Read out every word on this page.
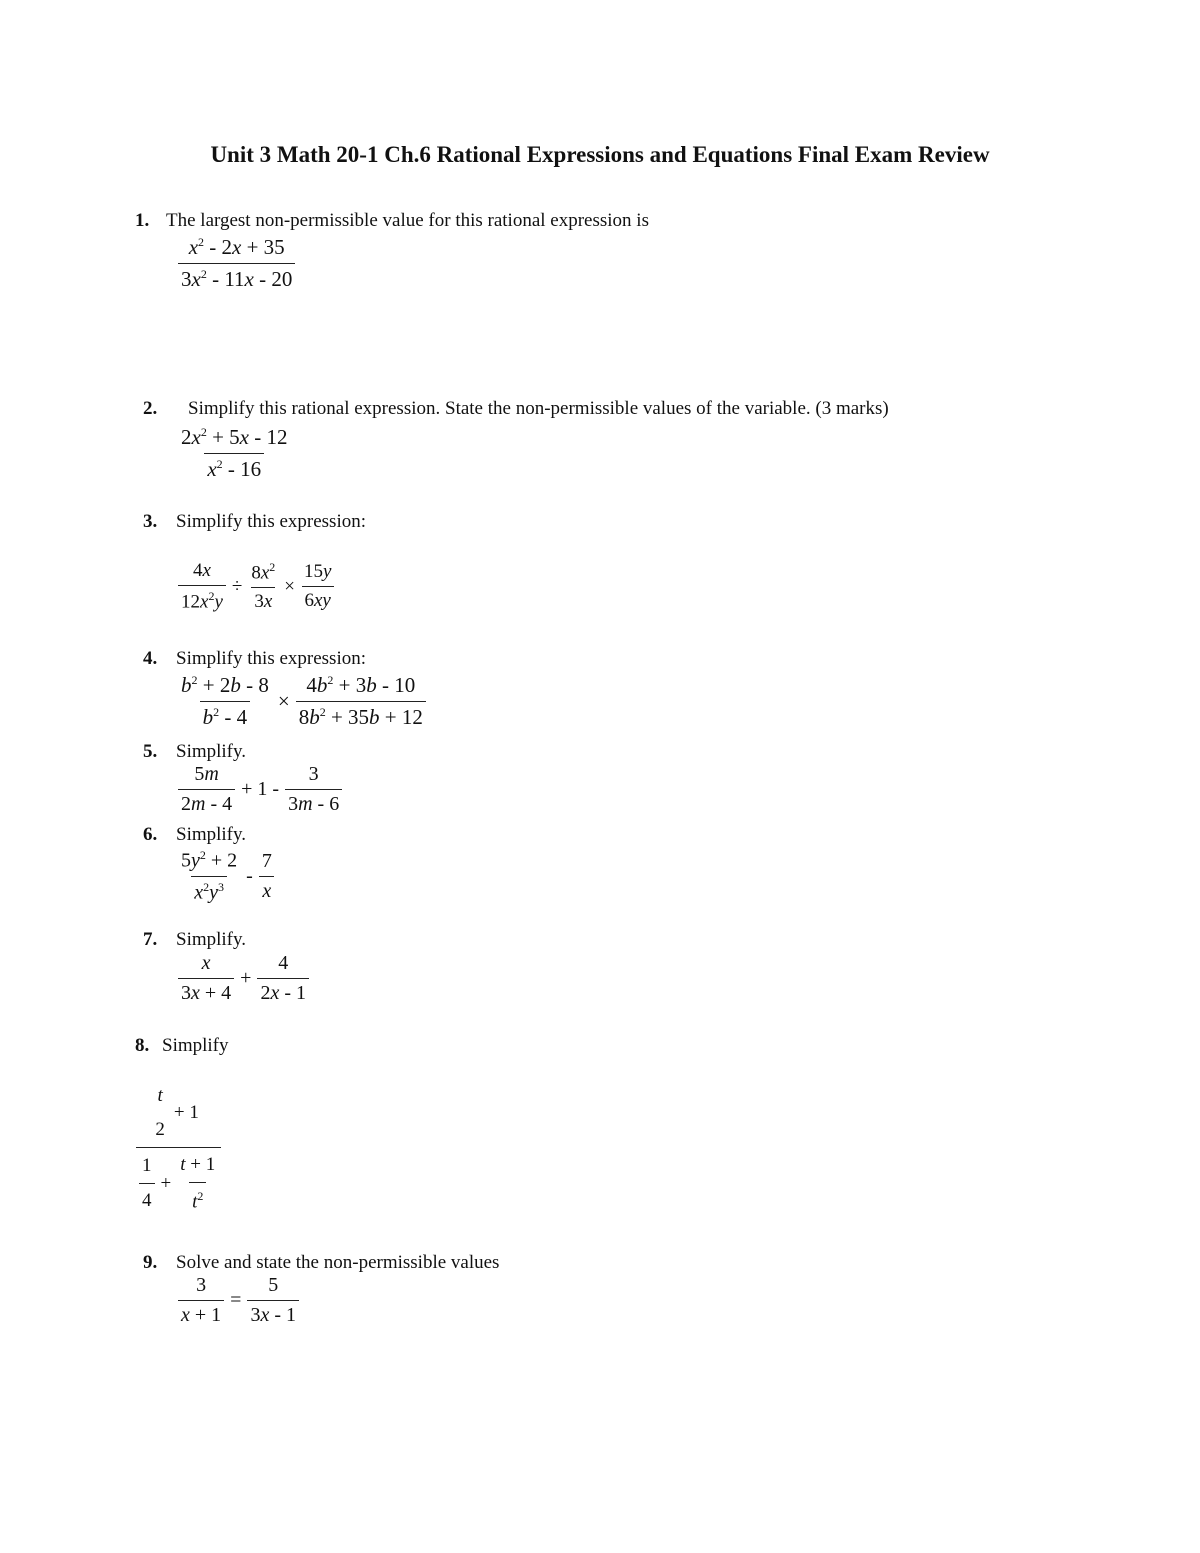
Unit 3 Math 20-1 Ch.6 Rational Expressions and Equations Final Exam Review
1. The largest non-permissible value for this rational expression is
$\frac{x^2 - 2x + 35}{3x^2 - 11x - 20}$
2. Simplify this rational expression. State the non-permissible values of the variable. (3 marks)
$\frac{2x^2 + 5x - 12}{x^2 - 16}$
3. Simplify this expression:
$\frac{4x}{12x^2y} \div \frac{8x^2}{3x} \times \frac{15y}{6xy}$
4. Simplify this expression:
$\frac{b^2 + 2b - 8}{b^2 - 4} \times \frac{4b^2 + 3b - 10}{8b^2 + 35b + 12}$
5. Simplify.
$\frac{5m}{2m - 4} + 1 - \frac{3}{3m - 6}$
6. Simplify.
$\frac{5y^2 + 2}{x^2y^3} - \frac{7}{x}$
7. Simplify.
$\frac{x}{3x + 4} + \frac{4}{2x - 1}$
8. Simplify
t
2
+ 1
$\frac{1}{4} + \frac{t + 1}{t^2}$
9. Solve and state the non-permissible values
$\frac{3}{x + 1} = \frac{5}{3x - 1}$
